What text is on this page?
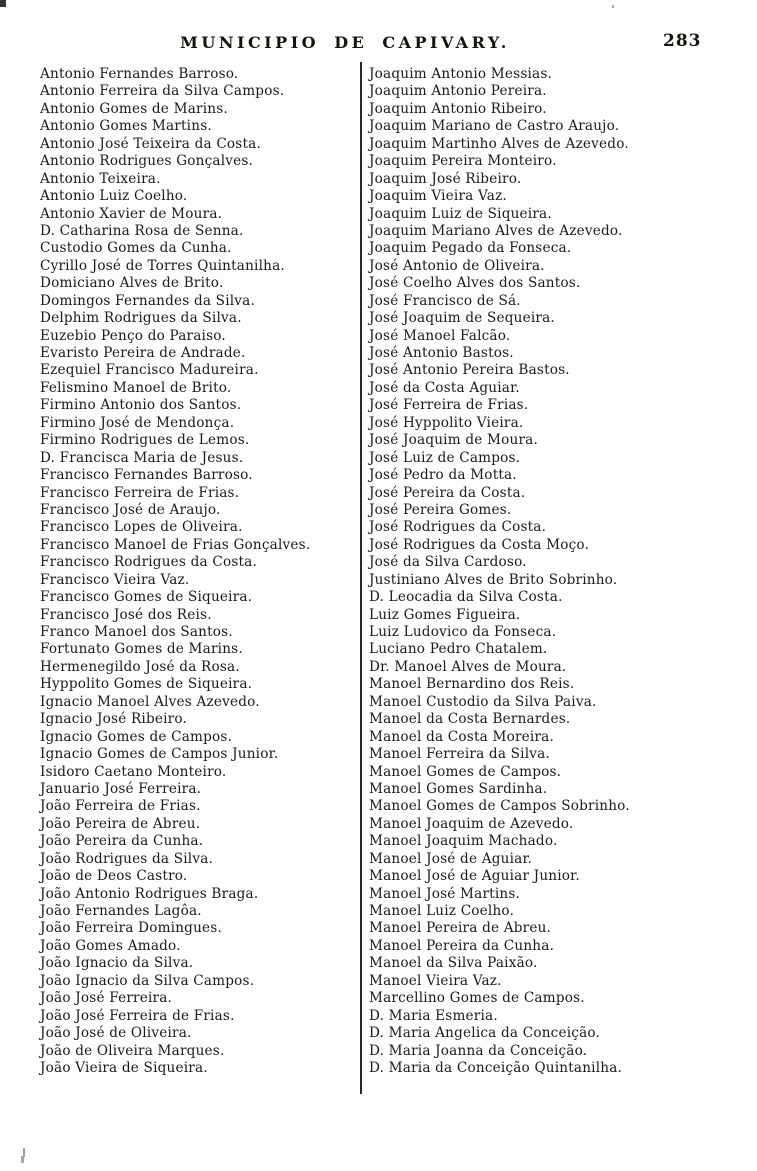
MUNICIPIO DE CAPIVARY.	283
Antonio Fernandes Barroso.
Antonio Ferreira da Silva Campos.
Antonio Gomes de Marins.
Antonio Gomes Martins.
Antonio José Teixeira da Costa.
Antonio Rodrigues Gonçalves.
Antonio Teixeira.
Antonio Luiz Coelho.
Antonio Xavier de Moura.
D. Catharina Rosa de Senna.
Custodio Gomes da Cunha.
Cyrillo José de Torres Quintanilha.
Domiciano Alves de Brito.
Domingos Fernandes da Silva.
Delphim Rodrigues da Silva.
Euzebio Penço do Paraiso.
Evaristo Pereira de Andrade.
Ezequiel Francisco Madureira.
Felismino Manoel de Brito.
Firmino Antonio dos Santos.
Firmino José de Mendonça.
Firmino Rodrigues de Lemos.
D. Francisca Maria de Jesus.
Francisco Fernandes Barroso.
Francisco Ferreira de Frias.
Francisco José de Araujo.
Francisco Lopes de Oliveira.
Francisco Manoel de Frias Gonçalves.
Francisco Rodrigues da Costa.
Francisco Vieira Vaz.
Francisco Gomes de Siqueira.
Francisco José dos Reis.
Franco Manoel dos Santos.
Fortunato Gomes de Marins.
Hermenegildo José da Rosa.
Hyppolito Gomes de Siqueira.
Ignacio Manoel Alves Azevedo.
Ignacio José Ribeiro.
Ignacio Gomes de Campos.
Ignacio Gomes de Campos Junior.
Isidoro Caetano Monteiro.
Januario José Ferreira.
João Ferreira de Frias.
João Pereira de Abreu.
João Pereira da Cunha.
João Rodrigues da Silva.
João de Deos Castro.
João Antonio Rodrigues Braga.
João Fernandes Lagôa.
João Ferreira Domingues.
João Gomes Amado.
João Ignacio da Silva.
João Ignacio da Silva Campos.
João José Ferreira.
João José Ferreira de Frias.
João José de Oliveira.
João de Oliveira Marques.
João Vieira de Siqueira.
Joaquim Antonio Messias.
Joaquim Antonio Pereira.
Joaquim Antonio Ribeiro.
Joaquim Mariano de Castro Araujo.
Joaquim Martinho Alves de Azevedo.
Joaquim Pereira Monteiro.
Joaquim José Ribeiro.
Joaquim Vieira Vaz.
Joaquim Luiz de Siqueira.
Joaquim Mariano Alves de Azevedo.
Joaquim Pegado da Fonseca.
José Antonio de Oliveira.
José Coelho Alves dos Santos.
José Francisco de Sá.
José Joaquim de Sequeira.
José Manoel Falcão.
José Antonio Bastos.
José Antonio Pereira Bastos.
José da Costa Aguiar.
José Ferreira de Frias.
José Hyppolito Vieira.
José Joaquim de Moura.
José Luiz de Campos.
José Pedro da Motta.
José Pereira da Costa.
José Pereira Gomes.
José Rodrigues da Costa.
José Rodrigues da Costa Moço.
José da Silva Cardoso.
Justiniano Alves de Brito Sobrinho.
D. Leocadia da Silva Costa.
Luiz Gomes Figueira.
Luiz Ludovico da Fonseca.
Luciano Pedro Chatalem.
Dr. Manoel Alves de Moura.
Manoel Bernardino dos Reis.
Manoel Custodio da Silva Paiva.
Manoel da Costa Bernardes.
Manoel da Costa Moreira.
Manoel Ferreira da Silva.
Manoel Gomes de Campos.
Manoel Gomes Sardinha.
Manoel Gomes de Campos Sobrinho.
Manoel Joaquim de Azevedo.
Manoel Joaquim Machado.
Manoel José de Aguiar.
Manoel José de Aguiar Junior.
Manoel José Martins.
Manoel Luiz Coelho.
Manoel Pereira de Abreu.
Manoel Pereira da Cunha.
Manoel da Silva Paixão.
Manoel Vieira Vaz.
Marcellino Gomes de Campos.
D. Maria Esmeria.
D. Maria Angelica da Conceição.
D. Maria Joanna da Conceição.
D. Maria da Conceição Quintanilha.
